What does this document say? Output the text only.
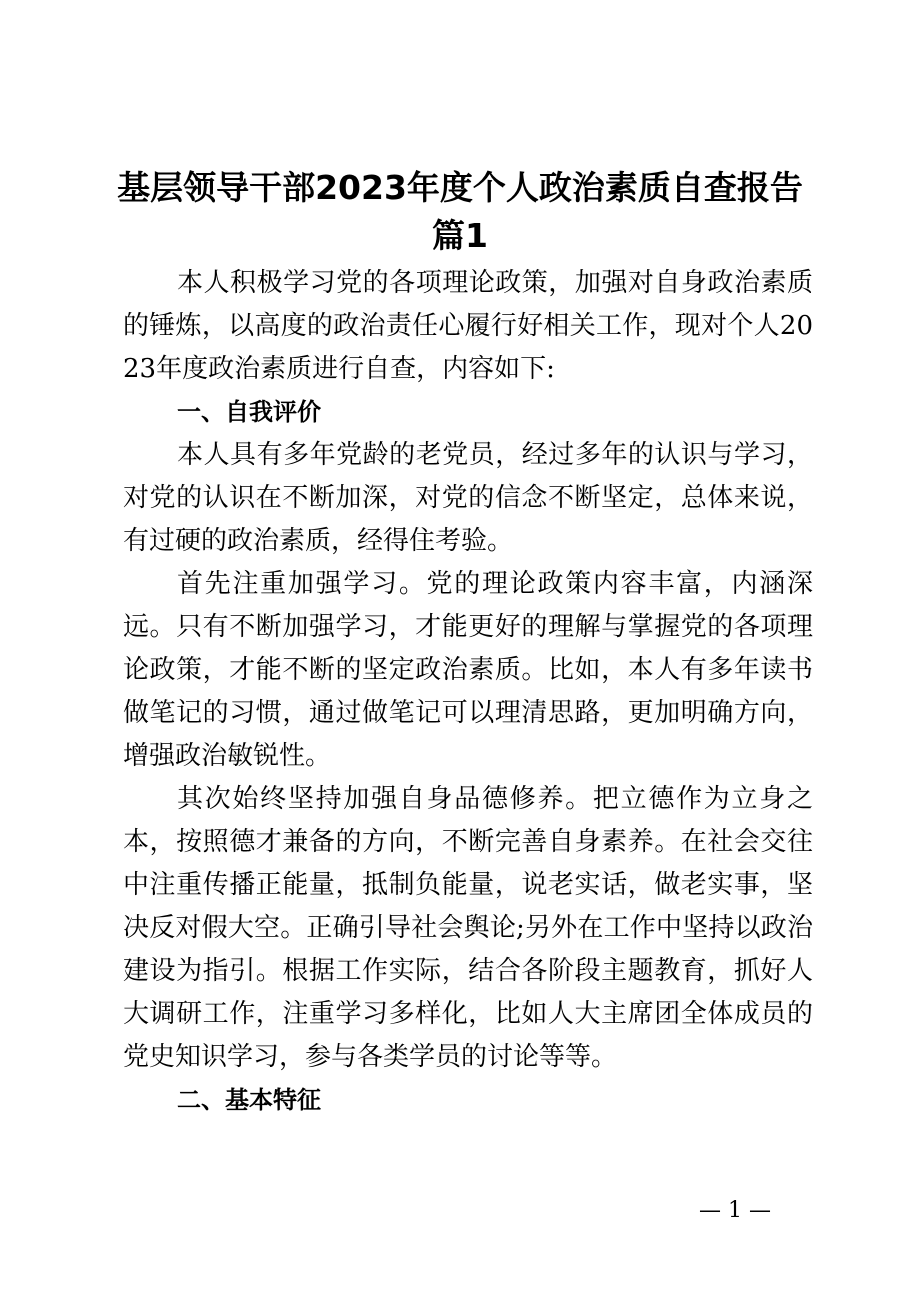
基层领导干部2023年度个人政治素质自查报告篇1

本人积极学习党的各项理论政策，加强对自身政治素质的锤炼，以高度的政治责任心履行好相关工作，现对个人2023年度政治素质进行自查，内容如下:

一、自我评价

本人具有多年党龄的老党员，经过多年的认识与学习，对党的认识在不断加深，对党的信念不断坚定，总体来说，有过硬的政治素质，经得住考验。

首先注重加强学习。党的理论政策内容丰富，内涵深远。只有不断加强学习，才能更好的理解与掌握党的各项理论政策，才能不断的坚定政治素质。比如，本人有多年读书做笔记的习惯，通过做笔记可以理清思路，更加明确方向，增强政治敏锐性。

其次始终坚持加强自身品德修养。把立德作为立身之本，按照德才兼备的方向，不断完善自身素养。在社会交往中注重传播正能量，抵制负能量，说老实话，做老实事，坚决反对假大空。正确引导社会舆论;另外在工作中坚持以政治建设为指引。根据工作实际，结合各阶段主题教育，抓好人大调研工作，注重学习多样化，比如人大主席团全体成员的党史知识学习，参与各类学员的讨论等等。

二、基本特征
— 1 —
